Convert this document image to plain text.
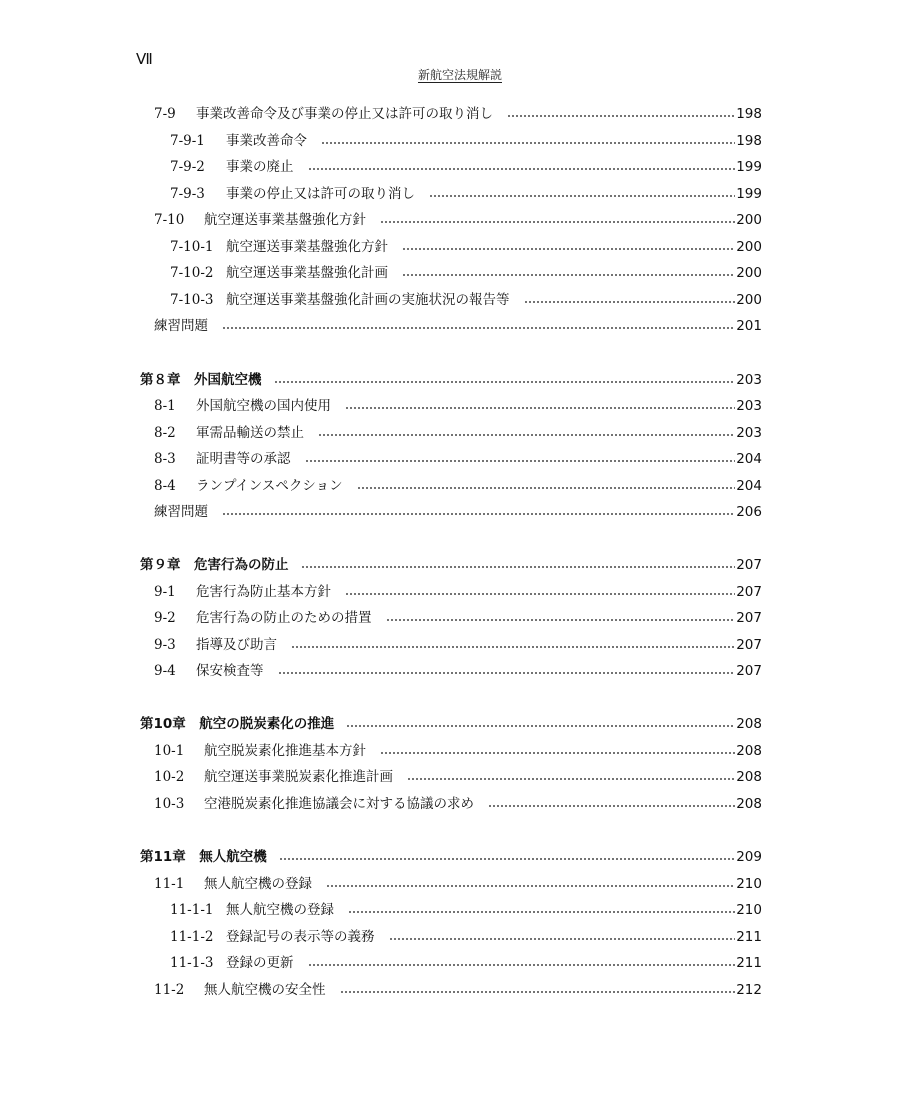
Ⅶ
新航空法規解説
7-9	事業改善命令及び事業の停止又は許可の取り消し	198
7-9-1	事業改善命令	198
7-9-2	事業の廃止	199
7-9-3	事業の停止又は許可の取り消し	199
7-10	航空運送事業基盤強化方針	200
7-10-1 航空運送事業基盤強化方針	200
7-10-2 航空運送事業基盤強化計画	200
7-10-3 航空運送事業基盤強化計画の実施状況の報告等	200
練習問題	201
第８章　外国航空機	203
8-1	外国航空機の国内使用	203
8-2	軍需品輸送の禁止	203
8-3	証明書等の承認	204
8-4	ランプインスペクション	204
練習問題	206
第９章　危害行為の防止	207
9-1	危害行為防止基本方針	207
9-2	危害行為の防止のための措置	207
9-3	指導及び助言	207
9-4	保安検査等	207
第10章　航空の脱炭素化の推進	208
10-1	航空脱炭素化推進基本方針	208
10-2	航空運送事業脱炭素化推進計画	208
10-3	空港脱炭素化推進協議会に対する協議の求め	208
第11章　無人航空機	209
11-1	無人航空機の登録	210
11-1-1 無人航空機の登録	210
11-1-2 登録記号の表示等の義務	211
11-1-3 登録の更新	211
11-2	無人航空機の安全性	212
